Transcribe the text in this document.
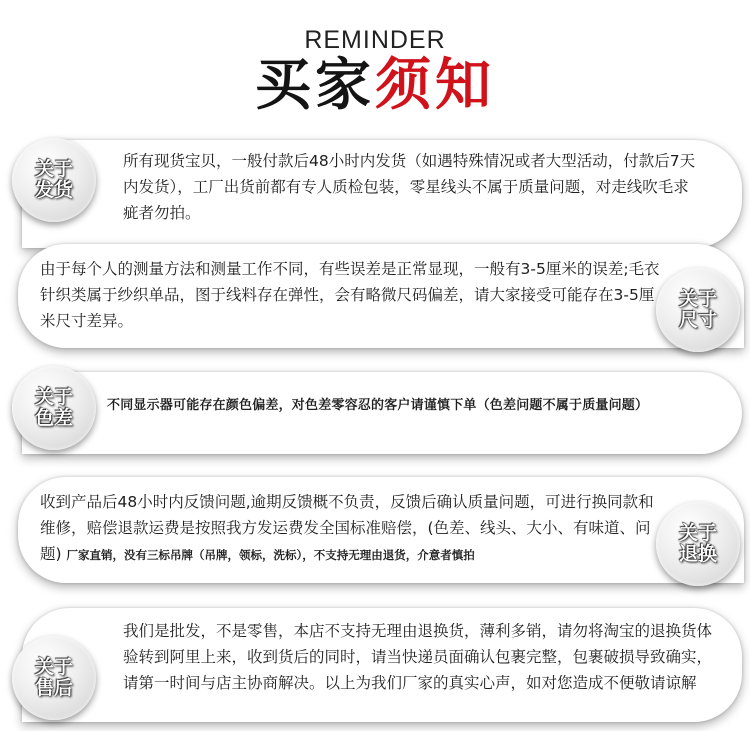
REMINDER
买家须知
关于
发货
所有现货宝贝，一般付款后48小时内发货（如遇特殊情况或者大型活动，付款后7天内发货），工厂出货前都有专人质检包装，零星线头不属于质量问题，对走线吹毛求疵者勿拍。
关于
尺寸
由于每个人的测量方法和测量工作不同，有些误差是正常显现，一般有3-5厘米的误差;毛衣针织类属于纱织单品，图于线料存在弹性，会有略微尺码偏差，请大家接受可能存在3-5厘米尺寸差异。
关于
色差
不同显示器可能存在颜色偏差，对色差零容忍的客户请谨慎下单（色差问题不属于质量问题）
关于
退换
收到产品后48小时内反馈问题,逾期反馈概不负责，反馈后确认质量问题，可进行换同款和维修，赔偿退款运费是按照我方发运费发全国标准赔偿，(色差、线头、大小、有味道、问题) 厂家直销，没有三标吊牌（吊牌，领标，洗标），不支持无理由退货，介意者慎拍
关于
售后
我们是批发，不是零售，本店不支持无理由退换货，薄利多销，请勿将淘宝的退换货体验转到阿里上来，收到货后的同时，请当快递员面确认包裹完整，包裹破损导致确实，请第一时间与店主协商解决。以上为我们厂家的真实心声，如对您造成不便敬请谅解
